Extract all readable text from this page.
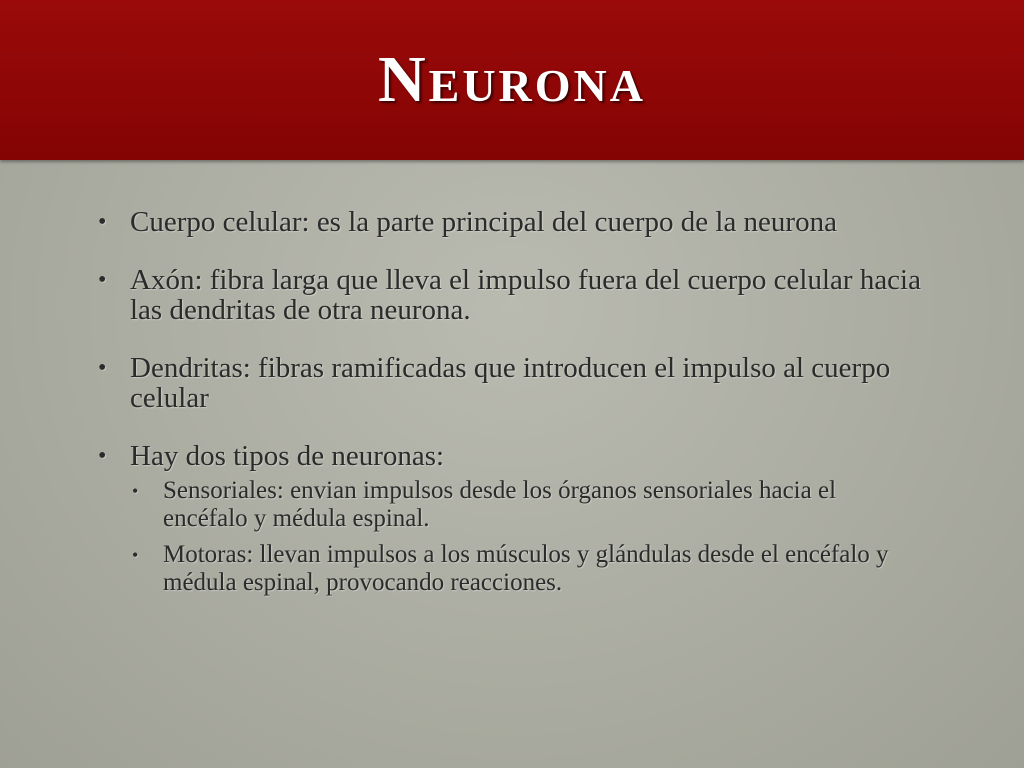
Neurona
• Cuerpo celular: es la parte principal del cuerpo de la neurona
• Axón: fibra larga que lleva el impulso fuera del cuerpo celular hacia las dendritas de otra neurona.
• Dendritas: fibras ramificadas que introducen el impulso al cuerpo celular
• Hay dos tipos de neuronas:
• Sensoriales: envian impulsos desde los órganos sensoriales hacia el encéfalo y médula espinal.
• Motoras: llevan impulsos a los músculos y glándulas desde el encéfalo y médula espinal, provocando reacciones.
